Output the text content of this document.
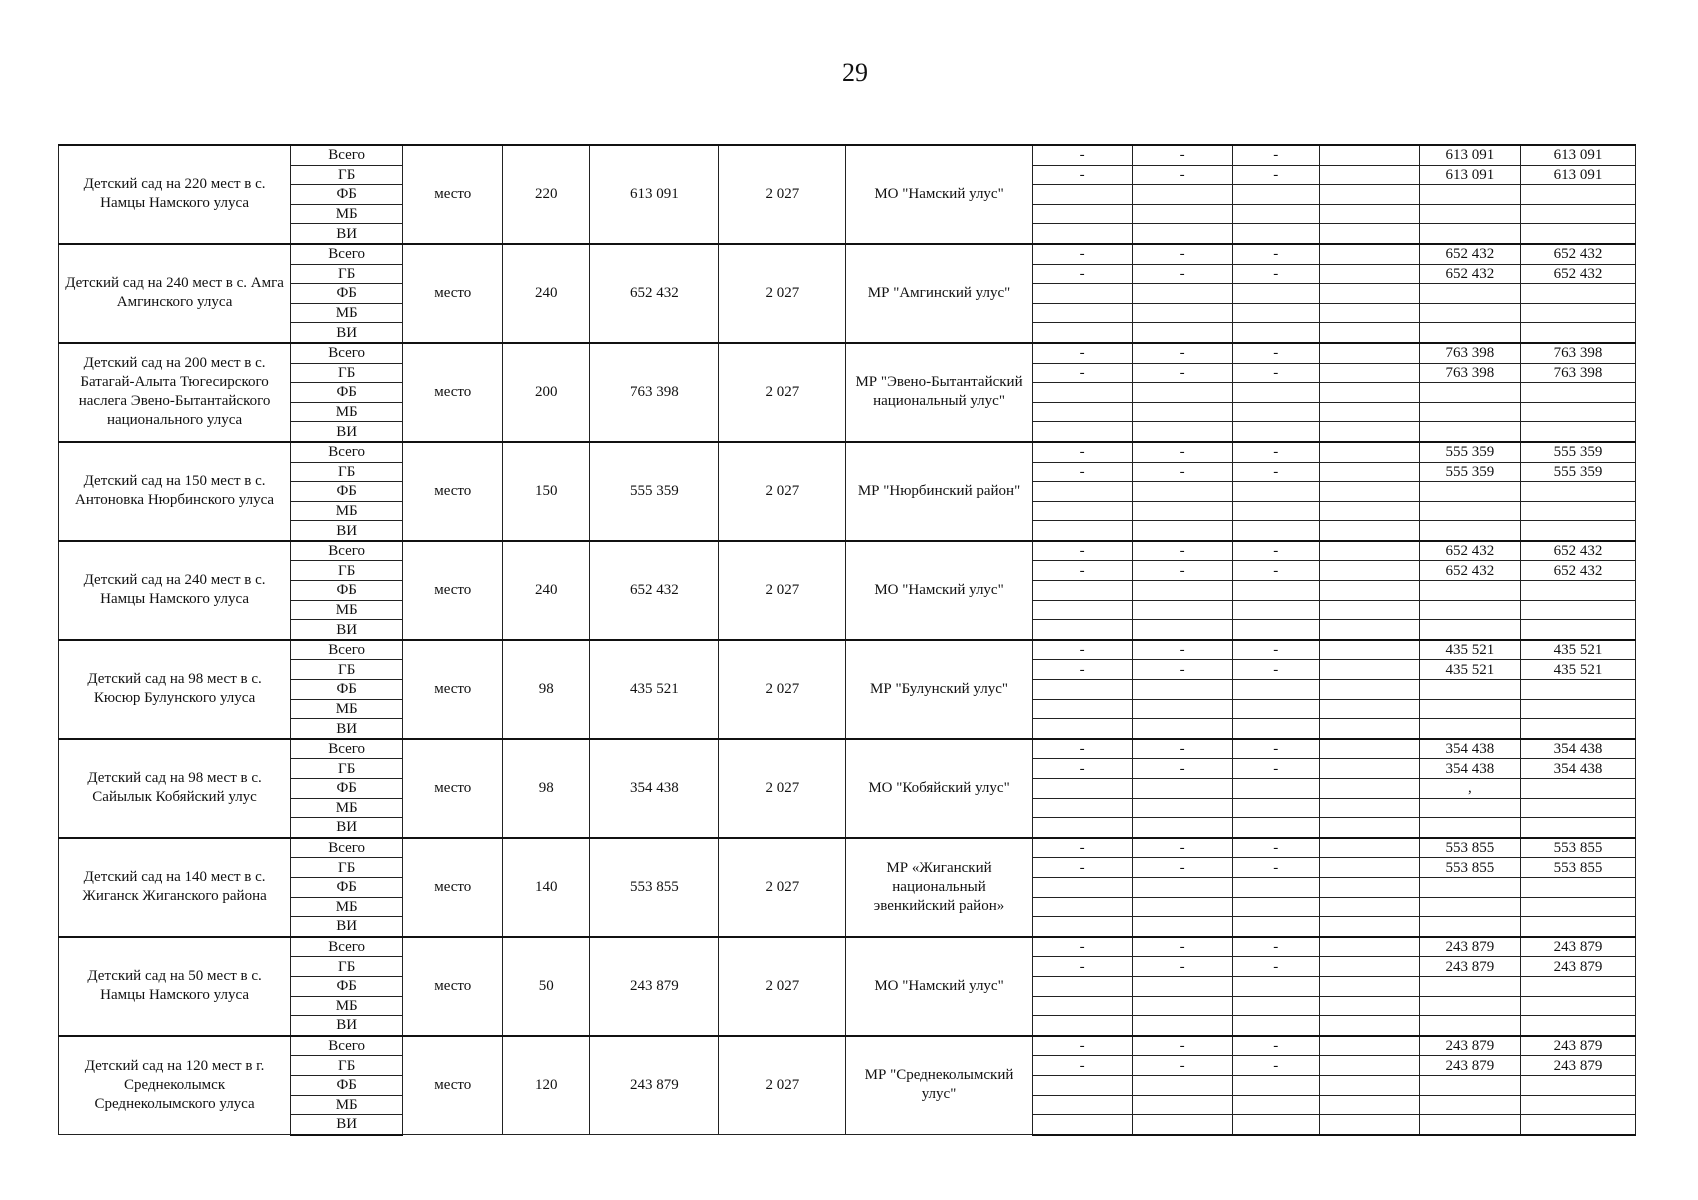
29
Детский сад на 220 мест в с. Намцы Намского улуса	Всего	место	220	613 091	2 027	МО "Намский улус"	-	-	-		613 091	613 091
	ГБ						-	-	-		613 091	613 091
	ФБ											
	МБ											
	ВИ											
Детский сад на 240 мест в с. Амга Амгинского улуса	Всего	место	240	652 432	2 027	МР "Амгинский улус"	-	-	-		652 432	652 432
	ГБ						-	-	-		652 432	652 432
	ФБ											
	МБ											
	ВИ											
Детский сад на 200 мест в с. Батагай-Алыта Тюгесирского наслега Эвено-Бытантайского национального улуса	Всего	место	200	763 398	2 027	МР "Эвено-Бытантайский национальный улус"	-	-	-		763 398	763 398
	ГБ						-	-	-		763 398	763 398
	ФБ											
	МБ											
	ВИ											
Детский сад на 150 мест в с. Антоновка Нюрбинского улуса	Всего	место	150	555 359	2 027	МР "Нюрбинский район"	-	-	-		555 359	555 359
	ГБ						-	-	-		555 359	555 359
	ФБ											
	МБ											
	ВИ											
Детский сад на 240 мест в с. Намцы Намского улуса	Всего	место	240	652 432	2 027	МО "Намский улус"	-	-	-		652 432	652 432
	ГБ						-	-	-		652 432	652 432
	ФБ											
	МБ											
	ВИ											
Детский сад на 98 мест в с. Кюсюр Булунского улуса	Всего	место	98	435 521	2 027	МР "Булунский улус"	-	-	-		435 521	435 521
	ГБ						-	-	-		435 521	435 521
	ФБ											
	МБ											
	ВИ											
Детский сад на 98 мест в с. Сайылык Кобяйский улус	Всего	место	98	354 438	2 027	МО "Кобяйский улус"	-	-	-		354 438	354 438
	ГБ						-	-	-		354 438	354 438
	ФБ										,	
	МБ											
	ВИ											
Детский сад на 140 мест в с. Жиганск Жиганского района	Всего	место	140	553 855	2 027	МР «Жиганский национальный эвенкийский район»	-	-	-		553 855	553 855
	ГБ						-	-	-		553 855	553 855
	ФБ											
	МБ											
	ВИ											
Детский сад на 50 мест в с. Намцы Намского улуса	Всего	место	50	243 879	2 027	МО "Намский улус"	-	-	-		243 879	243 879
	ГБ						-	-	-		243 879	243 879
	ФБ											
	МБ											
	ВИ											
Детский сад на 120 мест в г. Среднеколымск Среднеколымского улуса	Всего	место	120	243 879	2 027	МР "Среднеколымский улус"	-	-	-		243 879	243 879
	ГБ						-	-	-		243 879	243 879
	ФБ											
	МБ											
	ВИ											
